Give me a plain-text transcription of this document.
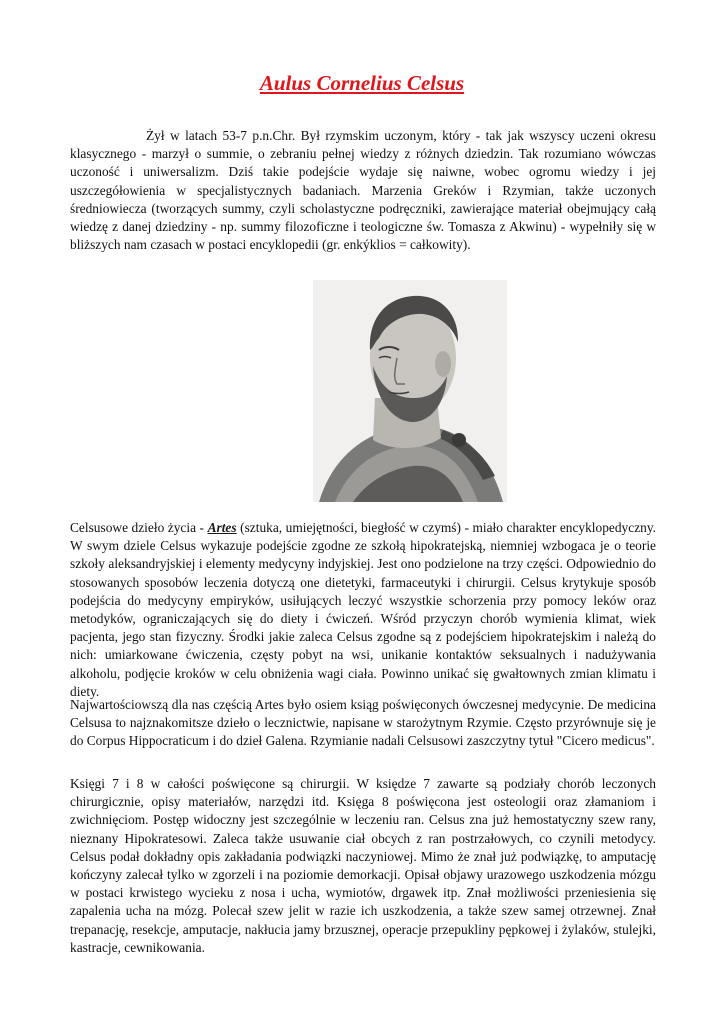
Aulus Cornelius Celsus

Żył w latach 53-7 p.n.Chr. Był rzymskim uczonym, który - tak jak wszyscy uczeni okresu klasycznego - marzył o summie, o zebraniu pełnej wiedzy z różnych dziedzin. Tak rozumiano wówczas uczoność i uniwersalizm. Dziś takie podejście wydaje się naiwne, wobec ogromu wiedzy i jej uszczegółowienia w specjalistycznych badaniach. Marzenia Greków i Rzymian, także uczonych średniowiecza (tworzących summy, czyli scholastyczne podręczniki, zawierające materiał obejmujący całą wiedzę z danej dziedziny - np. summy filozoficzne i teologiczne św. Tomasza z Akwinu) - wypełniły się w bliższych nam czasach w postaci encyklopedii (gr. enkýklios = całkowity).

Celsusowe dzieło życia - Artes (sztuka, umiejętności, biegłość w czymś) - miało charakter encyklopedyczny. W swym dziele Celsus wykazuje podejście zgodne ze szkołą hipokratejską, niemniej wzbogaca je o teorie szkoły aleksandryjskiej i elementy medycyny indyjskiej. Jest ono podzielone na trzy części. Odpowiednio do stosowanych sposobów leczenia dotyczą one dietetyki, farmaceutyki i chirurgii. Celsus krytykuje sposób podejścia do medycyny empiryków, usiłujących leczyć wszystkie schorzenia przy pomocy leków oraz metodyków, ograniczających się do diety i ćwiczeń. Wśród przyczyn chorób wymienia klimat, wiek pacjenta, jego stan fizyczny. Środki jakie zaleca Celsus zgodne są z podejściem hipokratejskim i należą do nich: umiarkowane ćwiczenia, częsty pobyt na wsi, unikanie kontaktów seksualnych i nadużywania alkoholu, podjęcie kroków w celu obniżenia wagi ciała. Powinno unikać się gwałtownych zmian klimatu i diety.

Najwartościowszą dla nas częścią Artes było osiem ksiąg poświęconych ówczesnej medycynie. De medicina Celsusa to najznakomitsze dzieło o lecznictwie, napisane w starożytnym Rzymie. Często przyrównuje się je do Corpus Hippocraticum i do dzieł Galena. Rzymianie nadali Celsusowi zaszczytny tytuł "Cicero medicus".

Księgi 7 i 8 w całości poświęcone są chirurgii. W księdze 7 zawarte są podziały chorób leczonych chirurgicznie, opisy materiałów, narzędzi itd. Księga 8 poświęcona jest osteologii oraz złamaniom i zwichnięciom. Postęp widoczny jest szczególnie w leczeniu ran. Celsus zna już hemostatyczny szew rany, nieznany Hipokratesowi. Zaleca także usuwanie ciał obcych z ran postrzałowych, co czynili metodycy. Celsus podał dokładny opis zakładania podwiązki naczyniowej. Mimo że znał już podwiązkę, to amputację kończyny zalecał tylko w zgorzeli i na poziomie demorkacji. Opisał objawy urazowego uszkodzenia mózgu w postaci krwistego wycieku z nosa i ucha, wymiotów, drgawek itp. Znał możliwości przeniesienia się zapalenia ucha na mózg. Polecał szew jelit w razie ich uszkodzenia, a także szew samej otrzewnej. Znał trepanację, resekcje, amputacje, nakłucia jamy brzusznej, operacje przepukliny pępkowej i żylaków, stulejki, kastracje, cewnikowania.
